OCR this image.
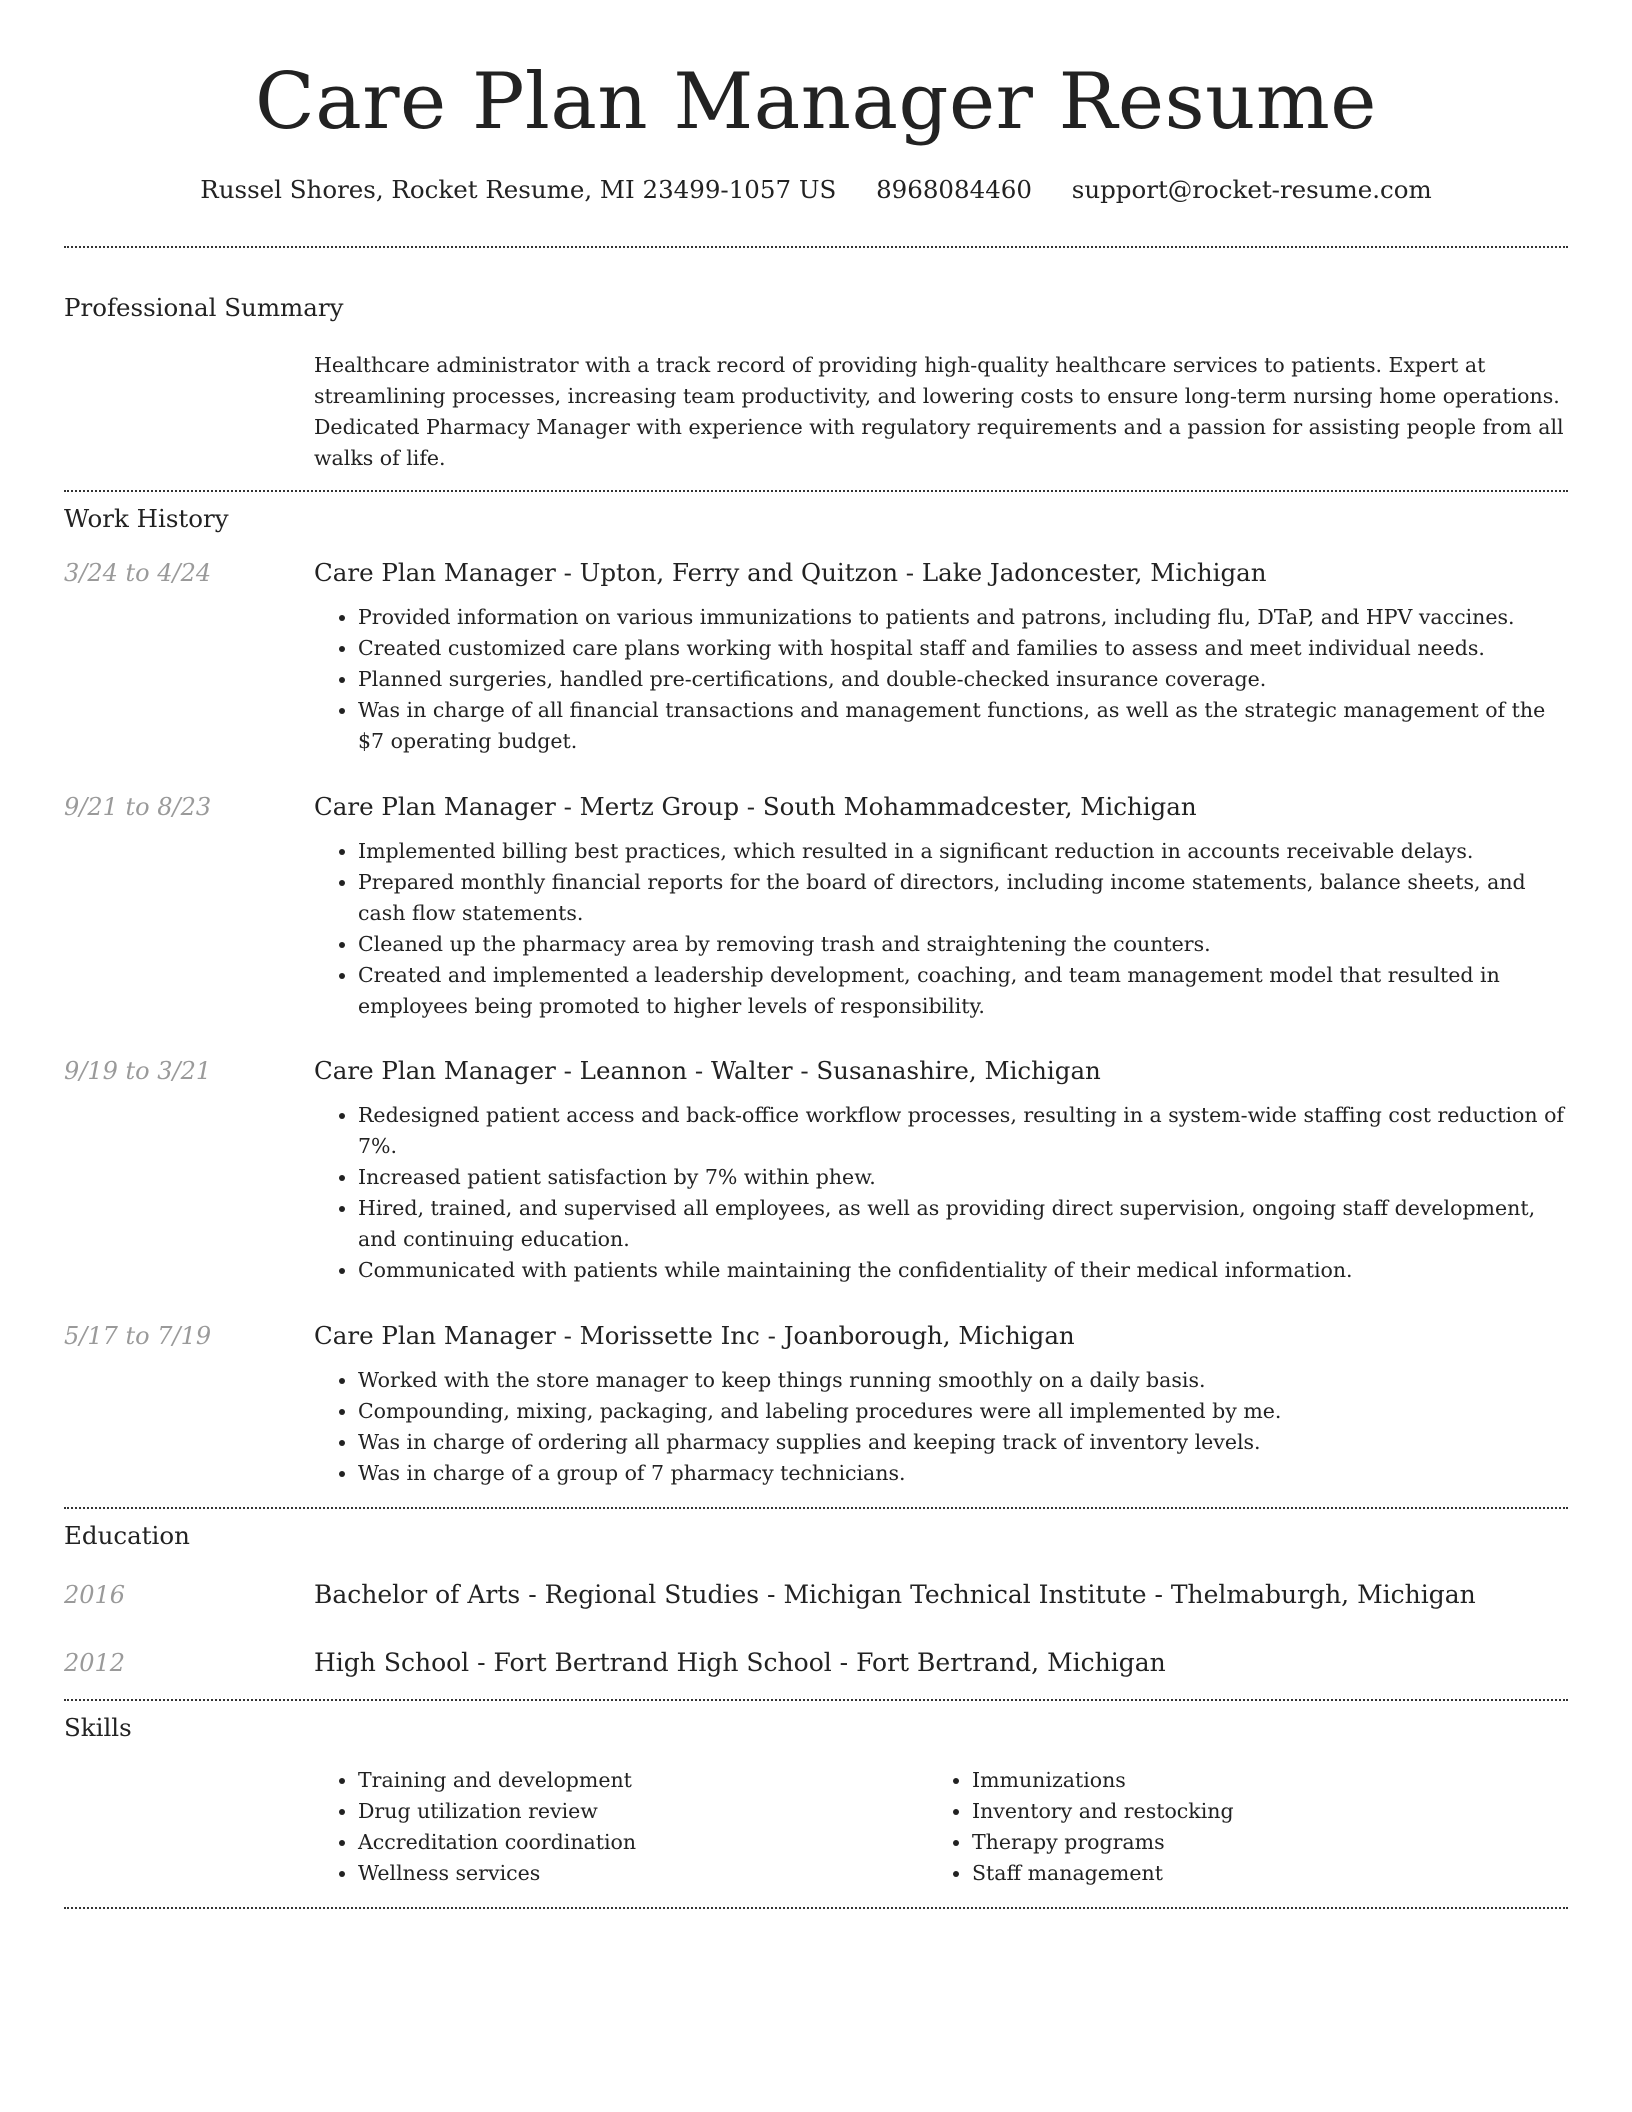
Care Plan Manager Resume
Russel Shores, Rocket Resume, MI 23499-1057 US 8968084460 support@rocket-resume.com
Professional Summary

Healthcare administrator with a track record of providing high-quality healthcare services to patients. Expert at streamlining processes, increasing team productivity, and lowering costs to ensure long-term nursing home operations. Dedicated Pharmacy Manager with experience with regulatory requirements and a passion for assisting people from all walks of life.

Work History
3/24 to 4/24	Care Plan Manager - Upton, Ferry and Quitzon - Lake Jadoncester, Michigan
• Provided information on various immunizations to patients and patrons, including flu, DTaP, and HPV vaccines.
• Created customized care plans working with hospital staff and families to assess and meet individual needs.
• Planned surgeries, handled pre-certifications, and double-checked insurance coverage.
• Was in charge of all financial transactions and management functions, as well as the strategic management of the $7 operating budget.
9/21 to 8/23	Care Plan Manager - Mertz Group - South Mohammadcester, Michigan
• Implemented billing best practices, which resulted in a significant reduction in accounts receivable delays.
• Prepared monthly financial reports for the board of directors, including income statements, balance sheets, and cash flow statements.
• Cleaned up the pharmacy area by removing trash and straightening the counters.
• Created and implemented a leadership development, coaching, and team management model that resulted in employees being promoted to higher levels of responsibility.
9/19 to 3/21	Care Plan Manager - Leannon - Walter - Susanashire, Michigan
• Redesigned patient access and back-office workflow processes, resulting in a system-wide staffing cost reduction of 7%.
• Increased patient satisfaction by 7% within phew.
• Hired, trained, and supervised all employees, as well as providing direct supervision, ongoing staff development, and continuing education.
• Communicated with patients while maintaining the confidentiality of their medical information.
5/17 to 7/19	Care Plan Manager - Morissette Inc - Joanborough, Michigan
• Worked with the store manager to keep things running smoothly on a daily basis.
• Compounding, mixing, packaging, and labeling procedures were all implemented by me.
• Was in charge of ordering all pharmacy supplies and keeping track of inventory levels.
• Was in charge of a group of 7 pharmacy technicians.
Education
2016	Bachelor of Arts - Regional Studies - Michigan Technical Institute - Thelmaburgh, Michigan
2012	High School - Fort Bertrand High School - Fort Bertrand, Michigan
Skills
• Training and development
• Drug utilization review
• Accreditation coordination
• Wellness services
• Immunizations
• Inventory and restocking
• Therapy programs
• Staff management
